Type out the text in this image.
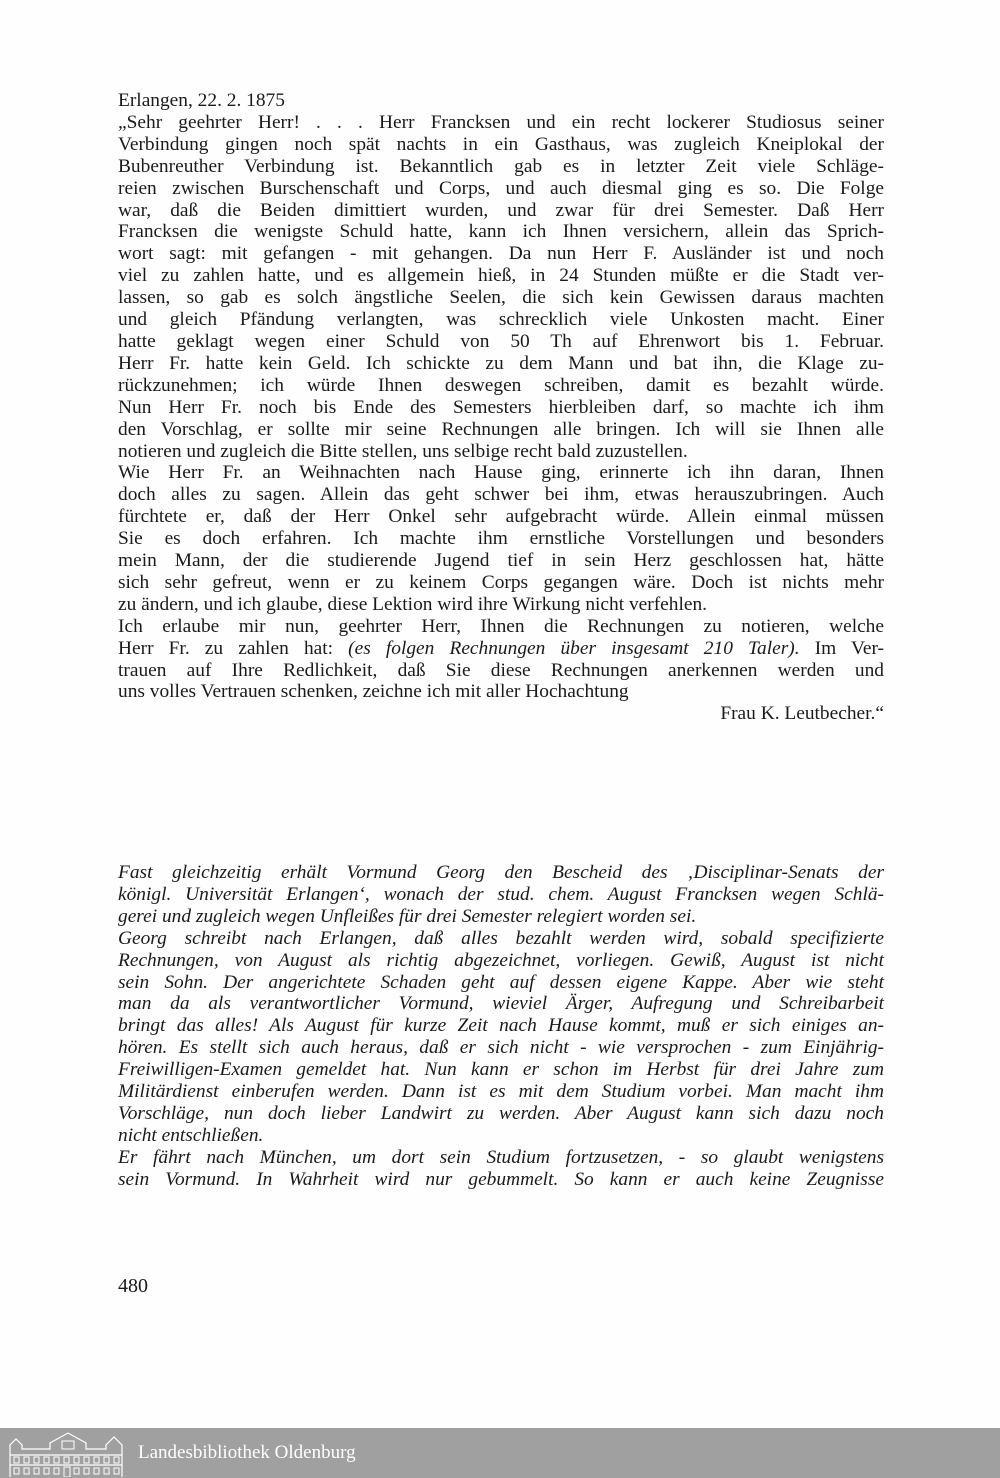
Erlangen, 22. 2. 1875
„Sehr geehrter Herr! . . . Herr Francksen und ein recht lockerer Studiosus seiner
Verbindung gingen noch spät nachts in ein Gasthaus, was zugleich Kneiplokal der
Bubenreuther Verbindung ist. Bekanntlich gab es in letzter Zeit viele Schläge-
reien zwischen Burschenschaft und Corps, und auch diesmal ging es so. Die Folge
war, daß die Beiden dimittiert wurden, und zwar für drei Semester. Daß Herr
Francksen die wenigste Schuld hatte, kann ich Ihnen versichern, allein das Sprich-
wort sagt: mit gefangen - mit gehangen. Da nun Herr F. Ausländer ist und noch
viel zu zahlen hatte, und es allgemein hieß, in 24 Stunden müßte er die Stadt ver-
lassen, so gab es solch ängstliche Seelen, die sich kein Gewissen daraus machten
und gleich Pfändung verlangten, was schrecklich viele Unkosten macht. Einer
hatte geklagt wegen einer Schuld von 50 Th auf Ehrenwort bis 1. Februar.
Herr Fr. hatte kein Geld. Ich schickte zu dem Mann und bat ihn, die Klage zu-
rückzunehmen; ich würde Ihnen deswegen schreiben, damit es bezahlt würde.
Nun Herr Fr. noch bis Ende des Semesters hierbleiben darf, so machte ich ihm
den Vorschlag, er sollte mir seine Rechnungen alle bringen. Ich will sie Ihnen alle
notieren und zugleich die Bitte stellen, uns selbige recht bald zuzustellen.
Wie Herr Fr. an Weihnachten nach Hause ging, erinnerte ich ihn daran, Ihnen
doch alles zu sagen. Allein das geht schwer bei ihm, etwas herauszubringen. Auch
fürchtete er, daß der Herr Onkel sehr aufgebracht würde. Allein einmal müssen
Sie es doch erfahren. Ich machte ihm ernstliche Vorstellungen und besonders
mein Mann, der die studierende Jugend tief in sein Herz geschlossen hat, hätte
sich sehr gefreut, wenn er zu keinem Corps gegangen wäre. Doch ist nichts mehr
zu ändern, und ich glaube, diese Lektion wird ihre Wirkung nicht verfehlen.
Ich erlaube mir nun, geehrter Herr, Ihnen die Rechnungen zu notieren, welche
Herr Fr. zu zahlen hat: (es folgen Rechnungen über insgesamt 210 Taler). Im Ver-
trauen auf Ihre Redlichkeit, daß Sie diese Rechnungen anerkennen werden und
uns volles Vertrauen schenken, zeichne ich mit aller Hochachtung
Frau K. Leutbecher.“
Fast gleichzeitig erhält Vormund Georg den Bescheid des ‚Disciplinar-Senats der
königl. Universität Erlangen‘, wonach der stud. chem. August Francksen wegen Schlä-
gerei und zugleich wegen Unfleißes für drei Semester relegiert worden sei.
Georg schreibt nach Erlangen, daß alles bezahlt werden wird, sobald specifizierte
Rechnungen, von August als richtig abgezeichnet, vorliegen. Gewiß, August ist nicht
sein Sohn. Der angerichtete Schaden geht auf dessen eigene Kappe. Aber wie steht
man da als verantwortlicher Vormund, wieviel Ärger, Aufregung und Schreibarbeit
bringt das alles! Als August für kurze Zeit nach Hause kommt, muß er sich einiges an-
hören. Es stellt sich auch heraus, daß er sich nicht - wie versprochen - zum Einjährig-
Freiwilligen-Examen gemeldet hat. Nun kann er schon im Herbst für drei Jahre zum
Militärdienst einberufen werden. Dann ist es mit dem Studium vorbei. Man macht ihm
Vorschläge, nun doch lieber Landwirt zu werden. Aber August kann sich dazu noch
nicht entschließen.
Er fährt nach München, um dort sein Studium fortzusetzen, - so glaubt wenigstens
sein Vormund. In Wahrheit wird nur gebummelt. So kann er auch keine Zeugnisse
480
Landesbibliothek Oldenburg
